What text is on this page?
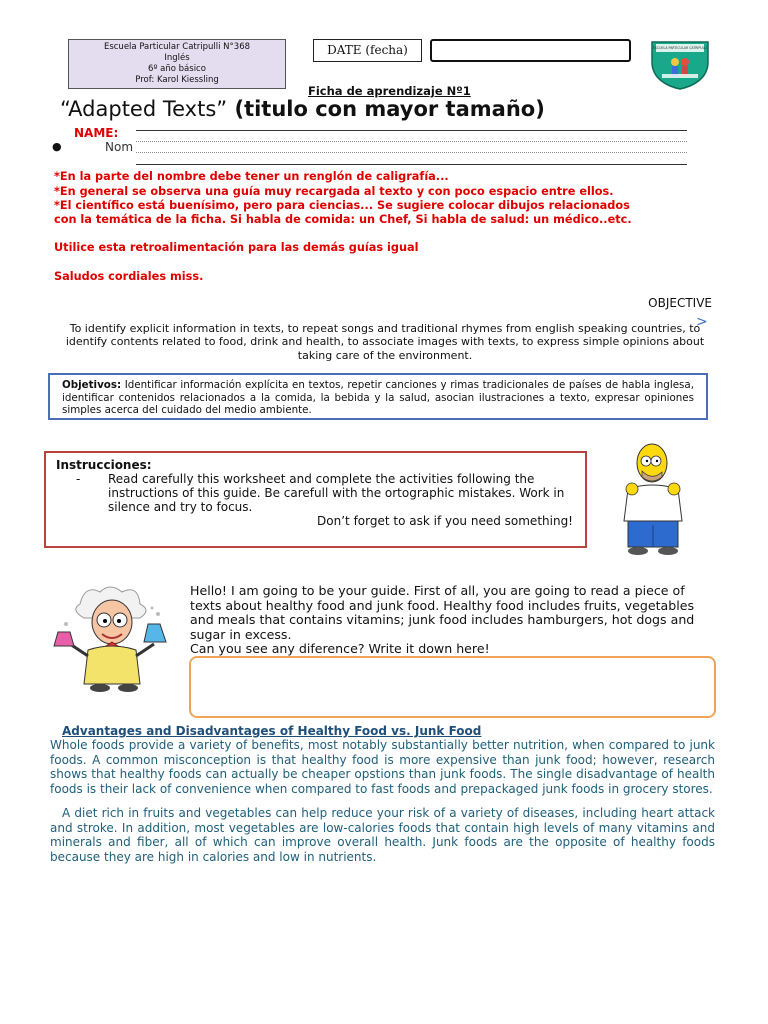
Escuela Particular Catripulli N°368
Inglés
6º año básico
Prof: Karol Kiessling
DATE (fecha)	ESCUELA PARTICULAR CATRIPULLI
Ficha de aprendizaje Nº1
“Adapted Texts” (titulo con mayor tamaño)
NAME:
●	Nom
*En la parte del nombre debe tener un renglón de caligrafía...
*En general se observa una guía muy recargada al texto y con poco espacio entre ellos.
*El científico está buenísimo, pero para ciencias... Se sugiere colocar dibujos relacionados
con la temática de la ficha. Si habla de comida: un Chef, Si habla de salud: un médico..etc.
Utilice esta retroalimentación para las demás guías igual
Saludos cordiales miss.
OBJECTIVE
>
To identify explicit information in texts, to repeat songs and traditional rhymes from english speaking countries, to identify contents related to food, drink and health, to associate images with texts, to express simple opinions about taking care of the environment.
Objetivos: Identificar información explícita en textos, repetir canciones y rimas tradicionales de países de habla inglesa, identificar contenidos relacionados a la comida, la bebida y la salud, asocian ilustraciones a texto, expresar opiniones simples acerca del cuidado del medio ambiente.
Instrucciones:
-	Read carefully this worksheet and complete the activities following the instructions of this guide. Be carefull with the ortographic mistakes. Work in silence and try to focus.
Don’t forget to ask if you need something!
Hello! I am going to be your guide. First of all, you are going to read a piece of texts about healthy food and junk food. Healthy food includes fruits, vegetables and meals that contains vitamins; junk food includes hamburgers, hot dogs and sugar in excess.
Can you see any diference? Write it down here!
Advantages and Disadvantages of Healthy Food vs. Junk Food
Whole foods provide a variety of benefits, most notably substantially better nutrition, when compared to junk foods. A common misconception is that healthy food is more expensive than junk food; however, research shows that healthy foods can actually be cheaper opstions than junk foods. The single disadvantage of health foods is their lack of convenience when compared to fast foods and prepackaged junk foods in grocery stores.
A diet rich in fruits and vegetables can help reduce your risk of a variety of diseases, including heart attack and stroke. In addition, most vegetables are low-calories foods that contain high levels of many vitamins and minerals and fiber, all of which can improve overall health. Junk foods are the opposite of healthy foods because they are high in calories and low in nutrients.
